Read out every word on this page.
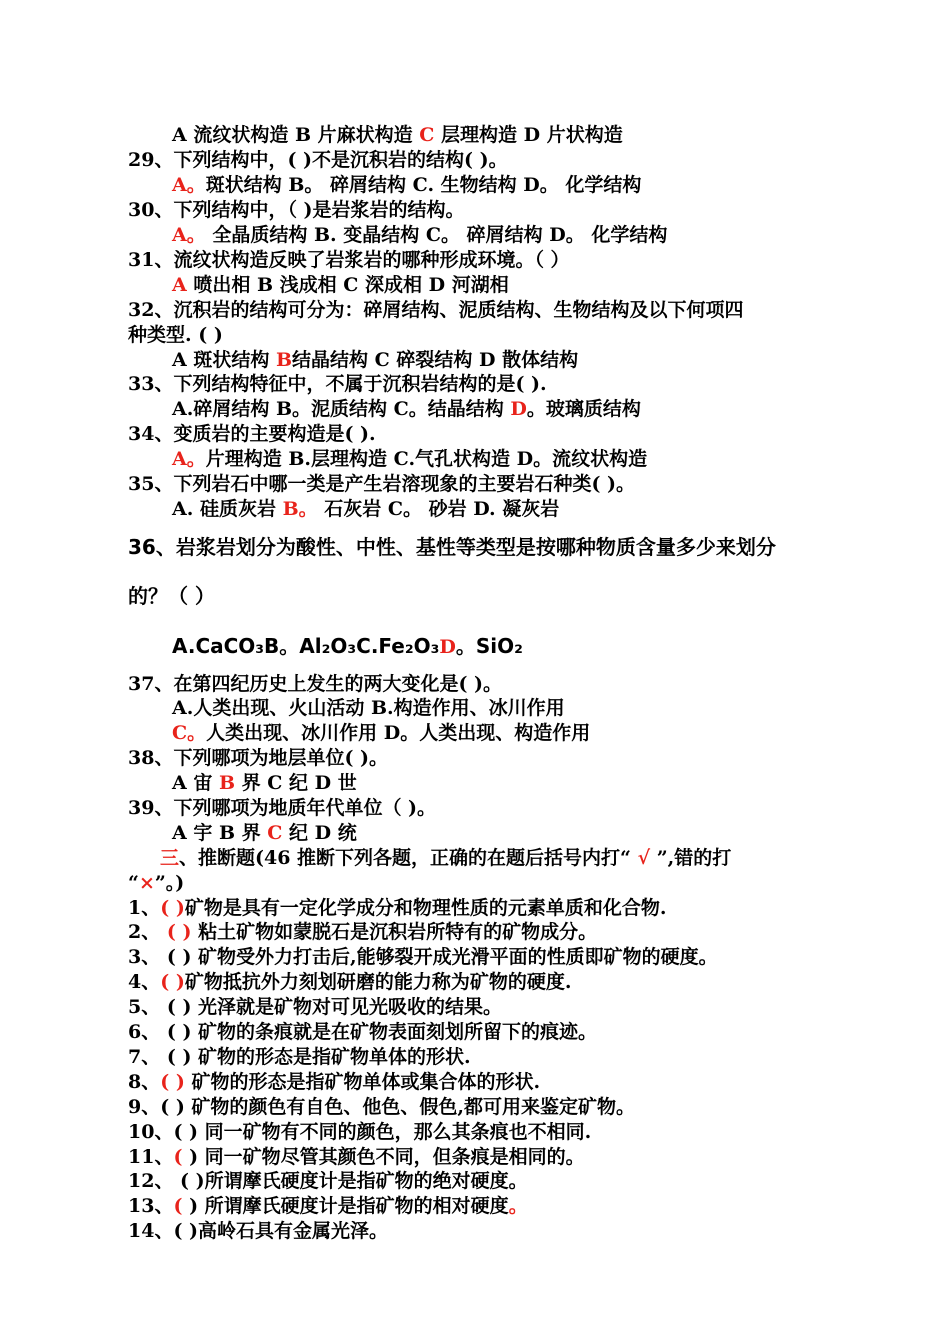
A 流纹状构造 B 片麻状构造 C 层理构造 D 片状构造
29、下列结构中，( )不是沉积岩的结构( )。
A。斑状结构 B。 碎屑结构 C. 生物结构 D。 化学结构
30、下列结构中，（ )是岩浆岩的结构。
A。 全晶质结构 B. 变晶结构 C。 碎屑结构 D。 化学结构
31、流纹状构造反映了岩浆岩的哪种形成环境。（ ）
A 喷出相 B 浅成相 C 深成相 D 河湖相
32、沉积岩的结构可分为：碎屑结构、泥质结构、生物结构及以下何项四
种类型. ( )
A 斑状结构 B结晶结构 C 碎裂结构 D 散体结构
33、下列结构特征中，不属于沉积岩结构的是( ).
A.碎屑结构 B。泥质结构 C。结晶结构 D。玻璃质结构
34、变质岩的主要构造是( ).
A。片理构造 B.层理构造 C.气孔状构造 D。流纹状构造
35、下列岩石中哪一类是产生岩溶现象的主要岩石种类( )。
A. 硅质灰岩 B。 石灰岩 C。 砂岩 D. 凝灰岩
36、岩浆岩划分为酸性、中性、基性等类型是按哪种物质含量多少来划分
的？（ ）
A.CaCO₃B。Al₂O₃C.Fe₂O₃D。SiO₂
37、在第四纪历史上发生的两大变化是( )。
A.人类出现、火山活动 B.构造作用、冰川作用
C。人类出现、冰川作用 D。人类出现、构造作用
38、下列哪项为地层单位( )。
A 宙 B 界 C 纪 D 世
39、下列哪项为地质年代单位（ )。
A 宇 B 界 C 纪 D 统
三、推断题(46 推断下列各题，正确的在题后括号内打“ √ ”,错的打
“×”。)
1、( )矿物是具有一定化学成分和物理性质的元素单质和化合物.
2、 ( ) 粘土矿物如蒙脱石是沉积岩所特有的矿物成分。
3、 ( ) 矿物受外力打击后,能够裂开成光滑平面的性质即矿物的硬度。
4、( )矿物抵抗外力刻划研磨的能力称为矿物的硬度.
5、 ( ) 光泽就是矿物对可见光吸收的结果。
6、 ( ) 矿物的条痕就是在矿物表面刻划所留下的痕迹。
7、 ( ) 矿物的形态是指矿物单体的形状.
8、( ) 矿物的形态是指矿物单体或集合体的形状.
9、( ) 矿物的颜色有自色、他色、假色,都可用来鉴定矿物。
10、( ) 同一矿物有不同的颜色，那么其条痕也不相同.
11、( ) 同一矿物尽管其颜色不同，但条痕是相同的。
12、 ( )所谓摩氏硬度计是指矿物的绝对硬度。
13、( ) 所谓摩氏硬度计是指矿物的相对硬度。
14、( )高岭石具有金属光泽。
